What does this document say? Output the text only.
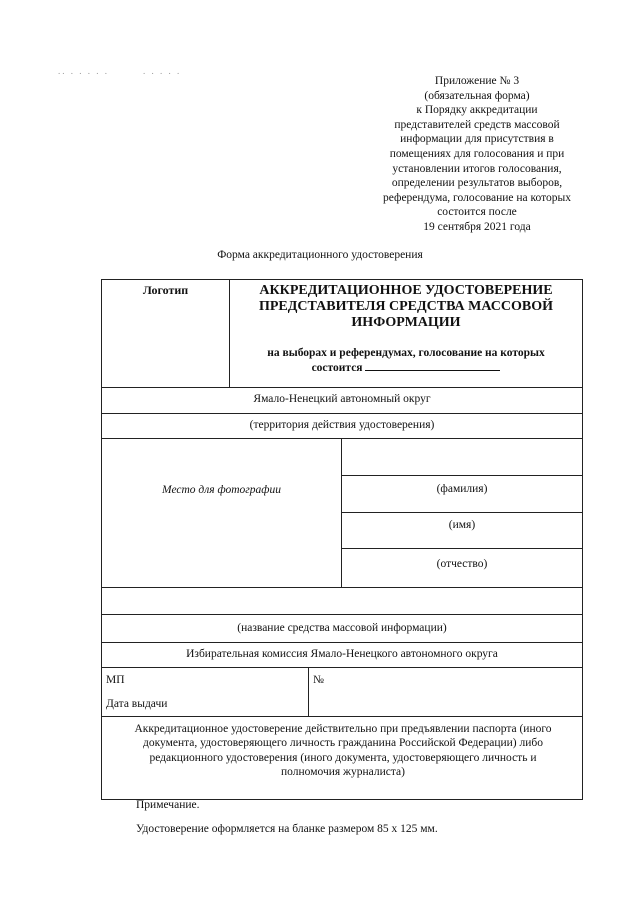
.. . . . . .        . . . . .
Приложение № 3
(обязательная форма)
к Порядку аккредитации
представителей средств массовой
информации для присутствия в
помещениях для голосования и при
установлении итогов голосования,
определении результатов выборов,
референдума, голосование на которых
состоится после
19 сентября 2021 года
Форма аккредитационного удостоверения
Логотип	АККРЕДИТАЦИОННОЕ УДОСТОВЕРЕНИЕ
ПРЕДСТАВИТЕЛЯ СРЕДСТВА МАССОВОЙ
ИНФОРМАЦИИ
на выборах и референдумах, голосование на которых
состоится
Ямало-Ненецкий автономный округ
(территория действия удостоверения)
Место для фотографии	(фамилия)
(имя)
(отчество)
(название средства массовой информации)
Избирательная комиссия Ямало-Ненецкого автономного округа
МП
Дата выдачи
№
Аккредитационное удостоверение действительно при предъявлении паспорта (иного
документа, удостоверяющего личность гражданина Российской Федерации) либо
редакционного удостоверения (иного документа, удостоверяющего личность и
полномочия журналиста)
Примечание.
Удостоверение оформляется на бланке размером 85 х 125 мм.
